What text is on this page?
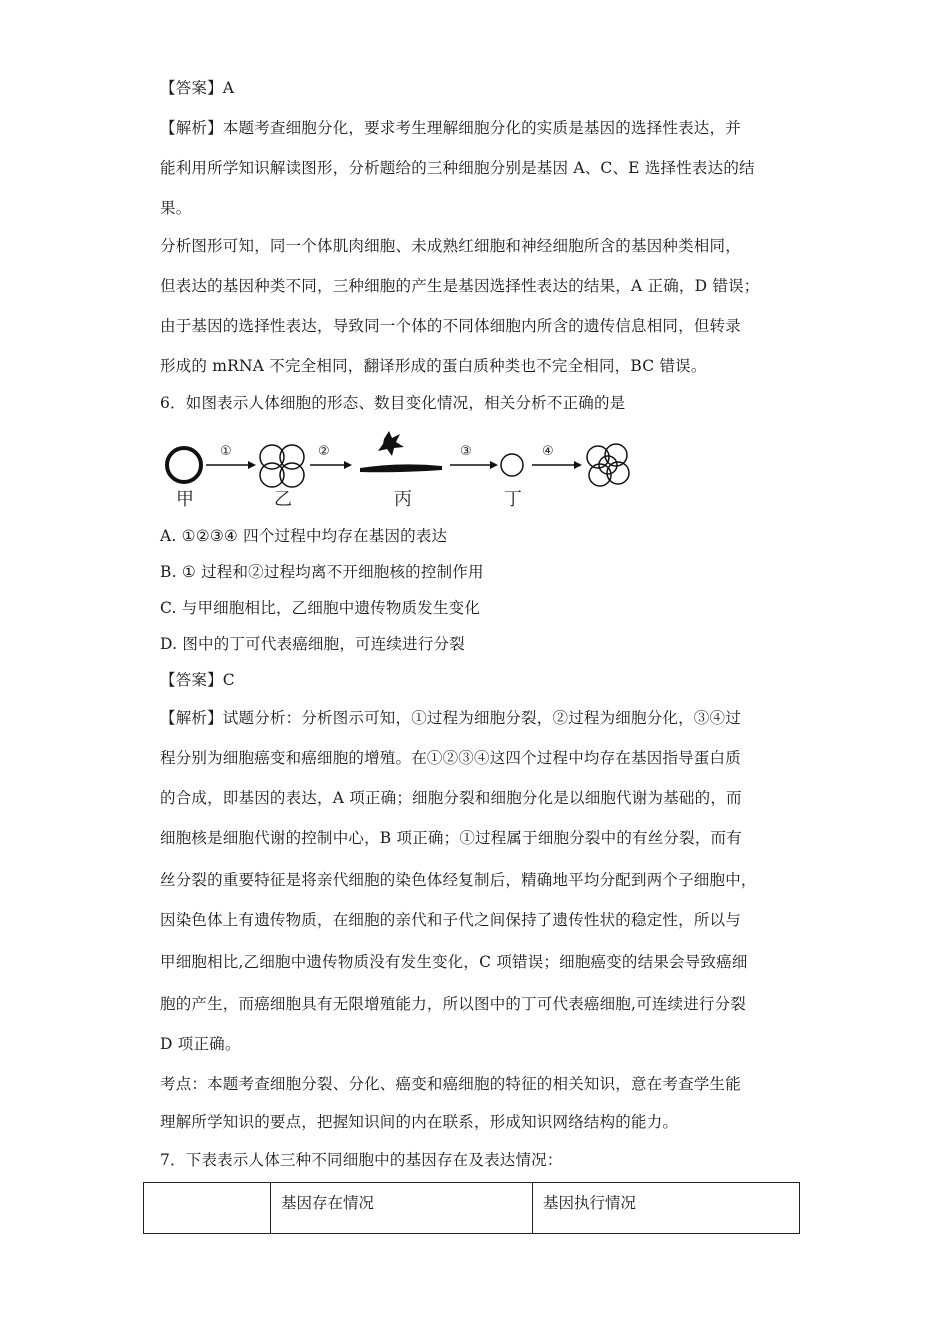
【答案】A
【解析】本题考查细胞分化，要求考生理解细胞分化的实质是基因的选择性表达，并
能利用所学知识解读图形，分析题给的三种细胞分别是基因 A、C、E 选择性表达的结
果。
分析图形可知，同一个体肌肉细胞、未成熟红细胞和神经细胞所含的基因种类相同，
但表达的基因种类不同，三种细胞的产生是基因选择性表达的结果，A 正确，D 错误；
由于基因的选择性表达，导致同一个体的不同体细胞内所含的遗传信息相同，但转录
形成的 mRNA 不完全相同，翻译形成的蛋白质种类也不完全相同，BC 错误。
6．如图表示人体细胞的形态、数目变化情况，相关分析不正确的是
①	②	③	④
甲	乙	丙	丁
A. ①②③④ 四个过程中均存在基因的表达
B. ① 过程和②过程均离不开细胞核的控制作用
C. 与甲细胞相比，乙细胞中遗传物质发生变化
D. 图中的丁可代表癌细胞，可连续进行分裂
【答案】C
【解析】试题分析：分析图示可知，①过程为细胞分裂，②过程为细胞分化，③④过
程分别为细胞癌变和癌细胞的增殖。在①②③④这四个过程中均存在基因指导蛋白质
的合成，即基因的表达，A 项正确；细胞分裂和细胞分化是以细胞代谢为基础的，而
细胞核是细胞代谢的控制中心，B 项正确；①过程属于细胞分裂中的有丝分裂，而有
丝分裂的重要特征是将亲代细胞的染色体经复制后，精确地平均分配到两个子细胞中，
因染色体上有遗传物质，在细胞的亲代和子代之间保持了遗传性状的稳定性，所以与
甲细胞相比,乙细胞中遗传物质没有发生变化，C 项错误；细胞癌变的结果会导致癌细
胞的产生，而癌细胞具有无限增殖能力，所以图中的丁可代表癌细胞,可连续进行分裂
D 项正确。
考点：本题考查细胞分裂、分化、癌变和癌细胞的特征的相关知识，意在考查学生能
理解所学知识的要点，把握知识间的内在联系，形成知识网络结构的能力。
7．下表表示人体三种不同细胞中的基因存在及表达情况：
	基因存在情况	基因执行情况
